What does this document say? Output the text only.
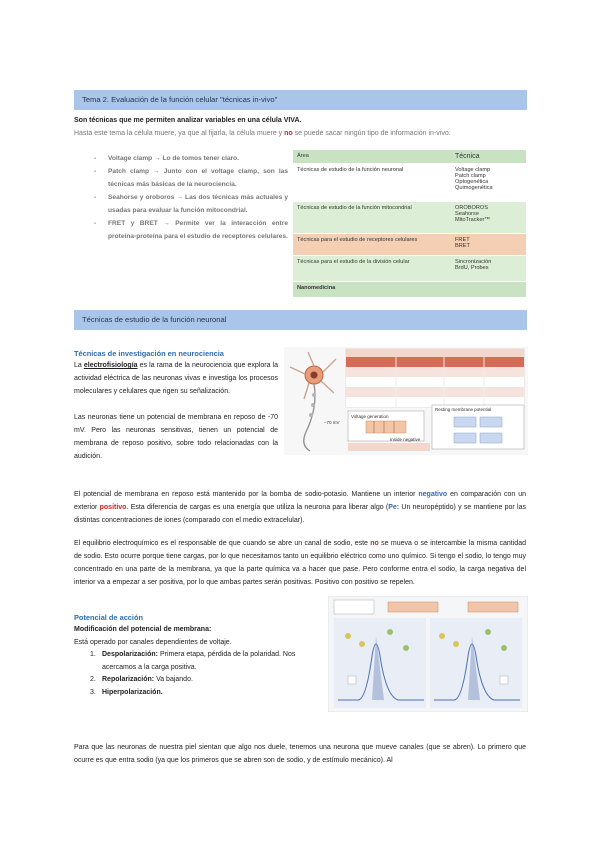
Tema 2. Evaluación de la función celular "técnicas in-vivo"
Son técnicas que me permiten analizar variables en una célula VIVA.
Hasta este tema la célula muere, ya que al fijarla, la célula muere y no se puede sacar ningún tipo de información in-vivo.
- Voltage clamp → Lo de tomos tener claro.
- Patch clamp → Junto con el voltage clamp, son las técnicas más básicas de la neurociencia.
- Seahorse y oroboros → Las dos técnicas más actuales y usadas para evaluar la función mitocondrial.
- FRET y BRET → Permite ver la interacción entre proteína-proteína para el estudio de receptores celulares.
Área	Técnica
Técnicas de estudio de la función neuronal	Voltage clamp
Patch clamp
Optogenética
Quimogenética

Técnicas de estudio de la función mitocondrial	OROBOROS
Seahorse
MitoTracker™

Técnicas para el estudio de receptores celulares	FRET
BRET

Técnicas para el estudio de la división celular	Sincronización
BrdU, Probes

Nanomedicina	
Técnicas de estudio de la función neuronal
Técnicas de investigación en neurociencia
La electrofisiología es la rama de la neurociencia que explora la actividad eléctrica de las neuronas vivas e investiga los procesos moleculares y celulares que rigen su señalización.
Las neuronas tiene un potencial de membrana en reposo de -70 mV. Pero las neuronas sensitivas, tienen un potencial de membrana de reposo positivo, sobre todo relacionadas con la audición.
Voltage generation
Resting membrane potential
Inside negative
–70 mV
El potencial de membrana en reposo está mantenido por la bomba de sodio-potasio. Mantiene un interior negativo en comparación con un exterior positivo. Esta diferencia de cargas es una energía que utiliza la neurona para liberar algo (Pe: Un neuropéptido) y se mantiene por las distintas concentraciones de iones (comparado con el medio extracelular).
El equilibrio electroquímico es el responsable de que cuando se abre un canal de sodio, este no se mueva o se intercambie la misma cantidad de sodio. Esto ocurre porque tiene cargas, por lo que necesitamos tanto un equilibrio eléctrico como uno químico. Si tengo el sodio, lo tengo muy concentrado en una parte de la membrana, ya que la parte química va a hacer que pase. Pero conforme entra el sodio, la carga negativa del interior va a empezar a ser positiva, por lo que ambas partes serán positivas. Positivo con positivo se repelen.
Potencial de acción
Modificación del potencial de membrana:
Está operado por canales dependientes de voltaje.
1. Despolarización: Primera etapa, pérdida de la polaridad. Nos acercamos a la carga positiva.
2. Repolarización: Va bajando.
3. Hiperpolarización.
Para que las neuronas de nuestra piel sientan que algo nos duele, tenemos una neurona que mueve canales (que se abren). Lo primero que ocurre es que entra sodio (ya que los primeros que se abren son de sodio, y de estímulo mecánico). Al
